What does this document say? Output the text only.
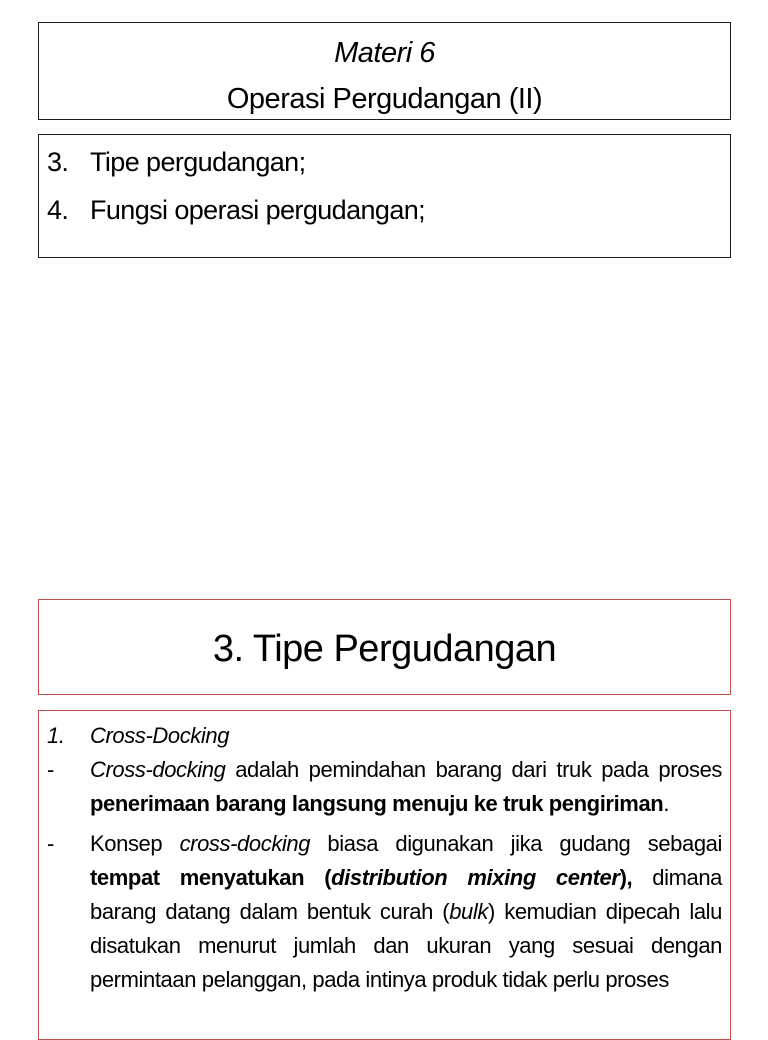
Materi 6
Operasi Pergudangan (II)
3. Tipe pergudangan;
4. Fungsi operasi pergudangan;
3. Tipe Pergudangan
1. Cross-Docking
- Cross-docking adalah pemindahan barang dari truk pada proses penerimaan barang langsung menuju ke truk pengiriman.
- Konsep cross-docking biasa digunakan jika gudang sebagai tempat menyatukan (distribution mixing center), dimana barang datang dalam bentuk curah (bulk) kemudian dipecah lalu disatukan menurut jumlah dan ukuran yang sesuai dengan permintaan pelanggan, pada intinya produk tidak perlu proses
